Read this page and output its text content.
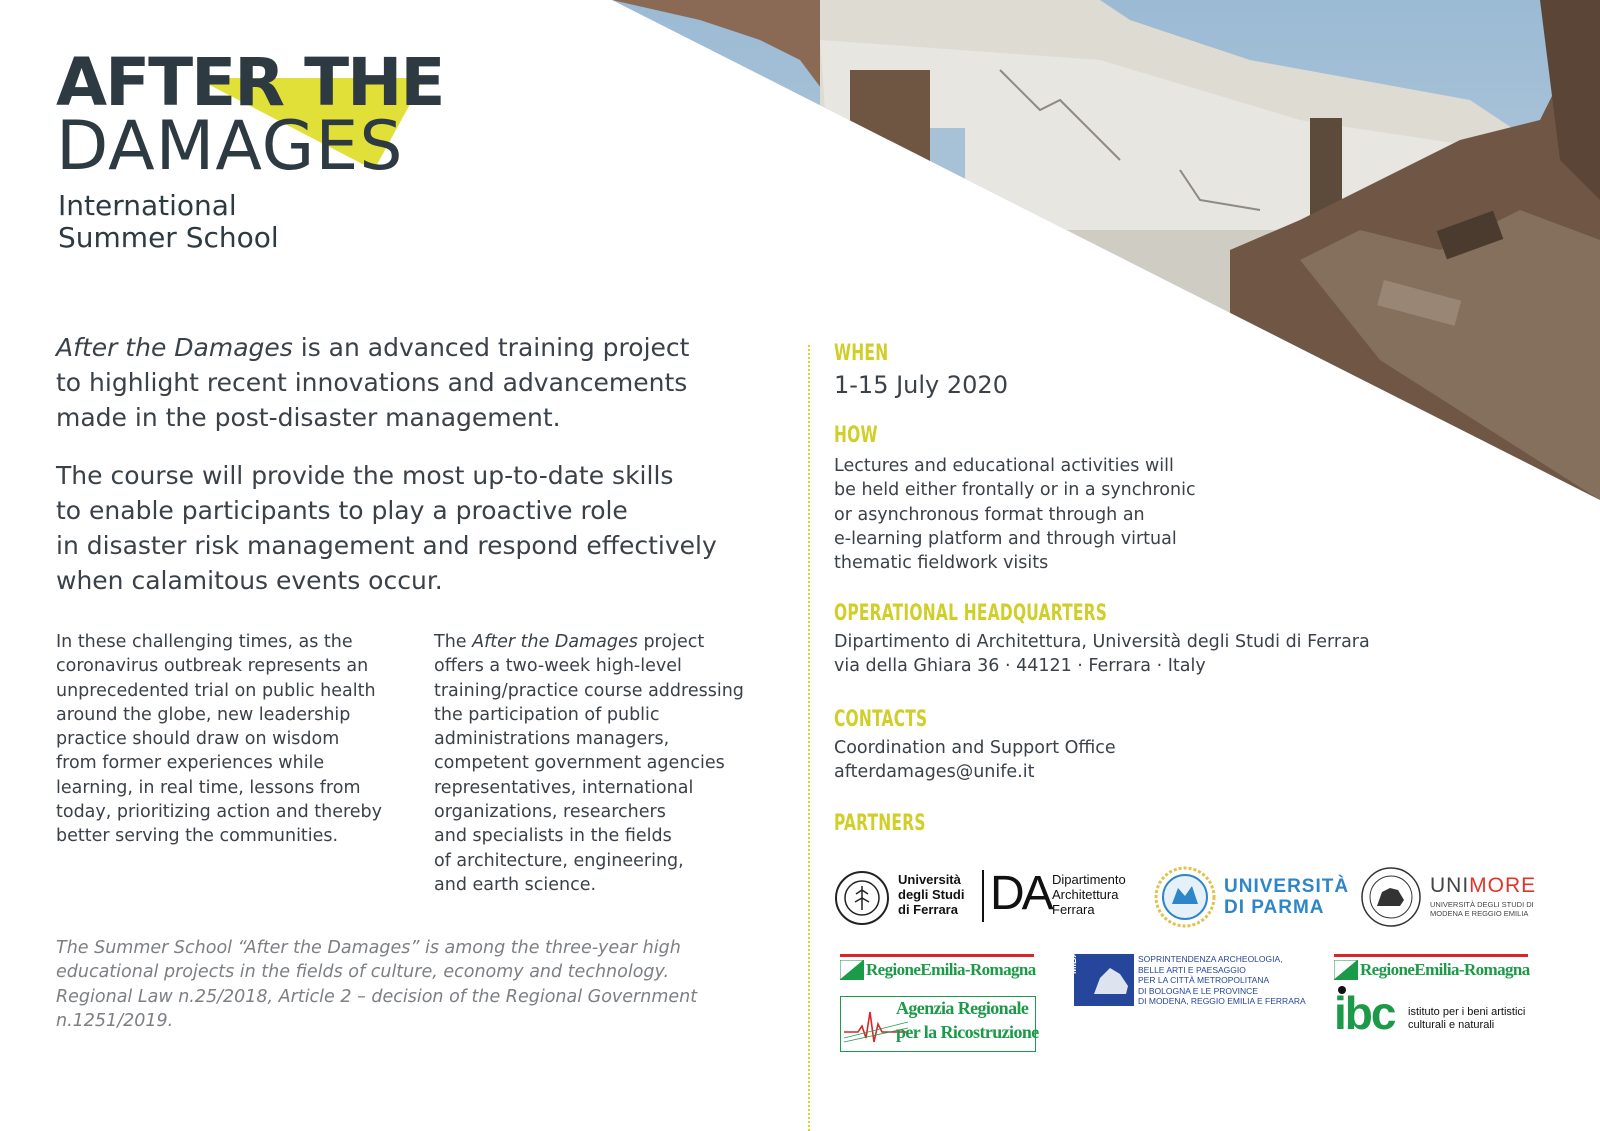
AFTER THE
DAMAGES
International
Summer School

After the Damages is an advanced training project

to highlight recent innovations and advancements

made in the post-disaster management.

The course will provide the most up-to-date skills

to enable participants to play a proactive role

in disaster risk management and respond effectively

when calamitous events occur.

In these challenging times, as the
coronavirus outbreak represents an
unprecedented trial on public health
around the globe, new leadership
practice should draw on wisdom
from former experiences while
learning, in real time, lessons from
today, prioritizing action and thereby
better serving the communities.
The After the Damages project
offers a two-week high-level
training/practice course addressing
the participation of public
administrations managers,
competent government agencies
representatives, international
organizations, researchers
and specialists in the fields
of architecture, engineering,
and earth science.
The Summer School “After the Damages” is among the three-year high
educational projects in the fields of culture, economy and technology.
Regional Law n.25/2018, Article 2 – decision of the Regional Government
n.1251/2019.
WHEN
1-15 July 2020
HOW
Lectures and educational activities will
be held either frontally or in a synchronic
or asynchronous format through an
e-learning platform and through virtual
thematic fieldwork visits
OPERATIONAL HEADQUARTERS
Dipartimento di Architettura, Università degli Studi di Ferrara
via della Ghiara 36 · 44121 · Ferrara · Italy
CONTACTS
Coordination and Support Office
afterdamages@unife.it
PARTNERS
Università
degli Studi
di Ferrara DA Dipartimento
Architettura
Ferrara
UNIVERSITÀ
DI PARMA
UNIMORE
UNIVERSITÀ DEGLI STUDI DI
MODENA E REGGIO EMILIA
RegioneEmilia-Romagna
Agenzia Regionale
per la Ricostruzione
MiBACT	SOPRINTENDENZA ARCHEOLOGIA,
BELLE ARTI E PAESAGGIO
PER LA CITTÀ METROPOLITANA
DI BOLOGNA E LE PROVINCE
DI MODENA, REGGIO EMILIA E FERRARA
RegioneEmilia-Romagna
ibc istituto per i beni artistici
culturali e naturali
